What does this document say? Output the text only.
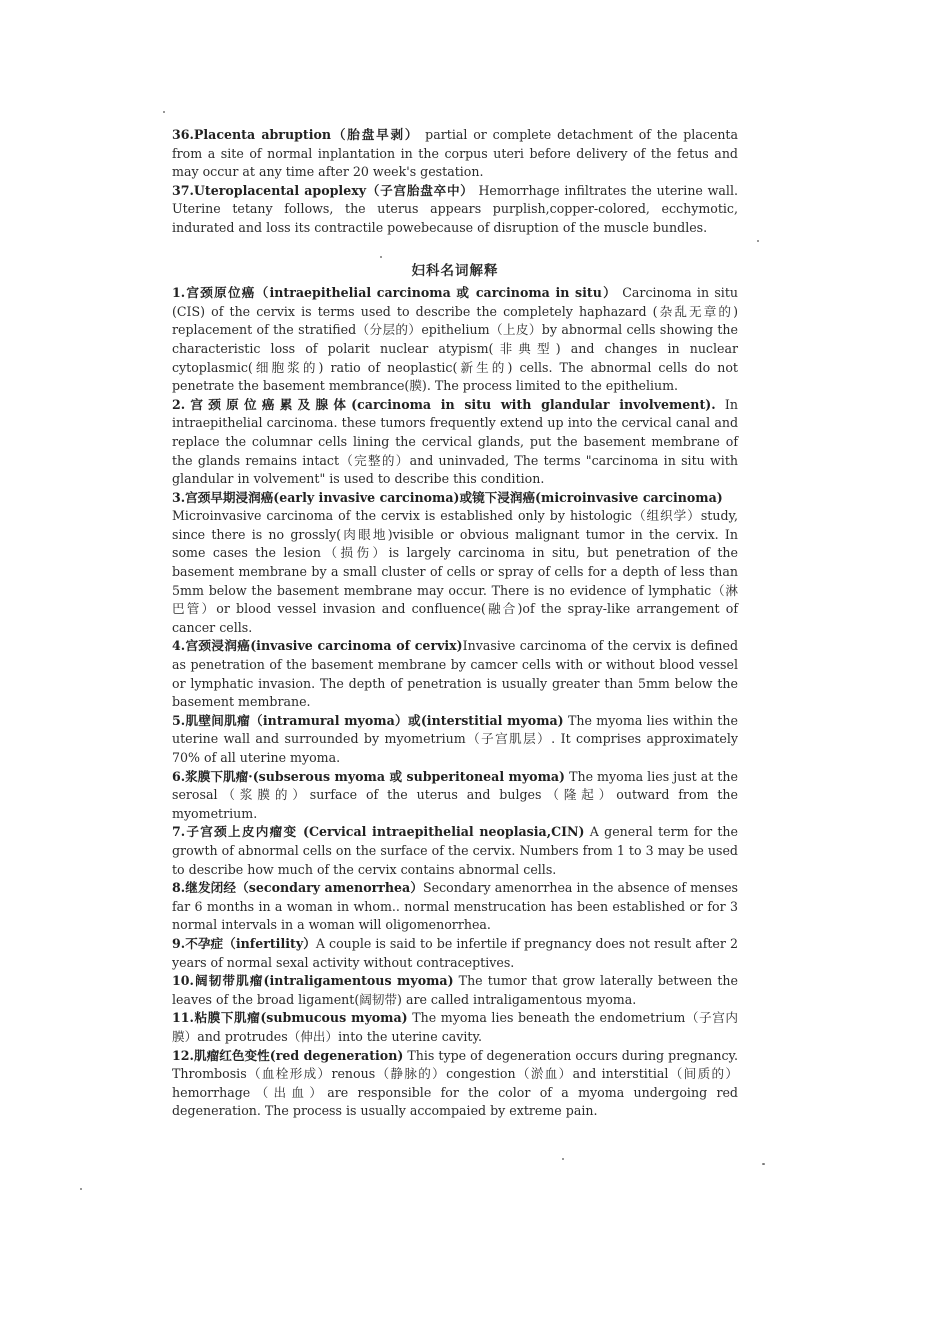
36.Placenta abruption（胎盘早剥） partial or complete detachment of the placenta from a site of normal inplantation in the corpus uteri before delivery of the fetus and may occur at any time after 20 week's gestation.

37.Uteroplacental apoplexy（子宫胎盘卒中） Hemorrhage infiltrates the uterine wall. Uterine tetany follows, the uterus appears purplish,copper-colored, ecchymotic, indurated and loss its contractile powebecause of disruption of the muscle bundles.

妇科名词解释

1.宫颈原位癌（intraepithelial carcinoma 或 carcinoma in situ） Carcinoma in situ (CIS) of the cervix is terms used to describe the completely haphazard (杂乱无章的) replacement of the stratified（分层的）epithelium（上皮）by abnormal cells showing the characteristic loss of polarit nuclear atypism(非典型) and changes in nuclear cytoplasmic(细胞浆的) ratio of neoplastic(新生的) cells. The abnormal cells do not penetrate the basement membrance(膜). The process limited to the epithelium.

2.宫颈原位癌累及腺体(carcinoma in situ with glandular involvement). In intraepithelial carcinoma. these tumors frequently extend up into the cervical canal and replace the columnar cells lining the cervical glands, put the basement membrane of the glands remains intact（完整的）and uninvaded, The terms "carcinoma in situ with glandular in volvement" is used to describe this condition.

3.宫颈早期浸润癌(early invasive carcinoma)或镜下浸润癌(microinvasive carcinoma)
Microinvasive carcinoma of the cervix is established only by histologic（组织学）study, since there is no grossly(肉眼地)visible or obvious malignant tumor in the cervix. In some cases the lesion（损伤）is largely carcinoma in situ, but penetration of the basement membrane by a small cluster of cells or spray of cells for a depth of less than 5mm below the basement membrane may occur. There is no evidence of lymphatic（淋巴管）or blood vessel invasion and confluence(融合)of the spray-like arrangement of cancer cells.

4.宫颈浸润癌(invasive carcinoma of cervix)Invasive carcinoma of the cervix is defined as penetration of the basement membrane by camcer cells with or without blood vessel or lymphatic invasion. The depth of penetration is usually greater than 5mm below the basement membrane.

5.肌壁间肌瘤（intramural myoma）或(interstitial myoma) The myoma lies within the uterine wall and surrounded by myometrium（子宫肌层）. It comprises approximately 70% of all uterine myoma.

6.浆膜下肌瘤·(subserous myoma 或 subperitoneal myoma) The myoma lies just at the serosal（浆膜的）surface of the uterus and bulges（隆起）outward from the myometrium.

7.子宫颈上皮内瘤变 (Cervical intraepithelial neoplasia,CIN) A general term for the growth of abnormal cells on the surface of the cervix. Numbers from 1 to 3 may be used to describe how much of the cervix contains abnormal cells.

8.继发闭经（secondary amenorrhea）Secondary amenorrhea in the absence of menses far 6 months in a woman in whom.. normal menstrucation has been established or for 3 normal intervals in a woman will oligomenorrhea.

9.不孕症（infertility）A couple is said to be infertile if pregnancy does not result after 2 years of normal sexal activity without contraceptives.

10.阔韧带肌瘤(intraligamentous myoma) The tumor that grow laterally between the leaves of the broad ligament(阔韧带) are called intraligamentous myoma.

11.粘膜下肌瘤(submucous myoma) The myoma lies beneath the endometrium（子宫内膜）and protrudes（伸出）into the uterine cavity.

12.肌瘤红色变性(red degeneration) This type of degeneration occurs during pregnancy. Thrombosis（血栓形成）renous（静脉的）congestion（淤血）and interstitial（间质的）hemorrhage（出血）are responsible for the color of a myoma undergoing red degeneration. The process is usually accompaied by extreme pain.
